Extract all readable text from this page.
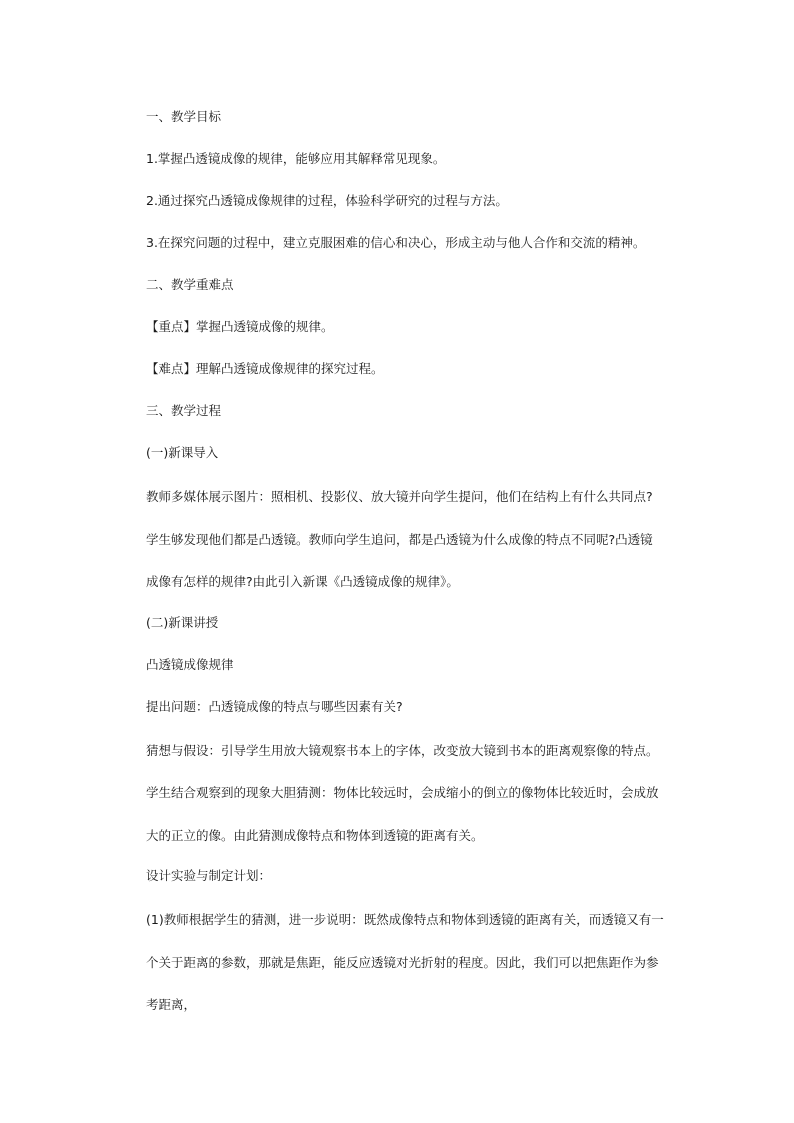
一、教学目标

1.掌握凸透镜成像的规律，能够应用其解释常见现象。

2.通过探究凸透镜成像规律的过程，体验科学研究的过程与方法。

3.在探究问题的过程中，建立克服困难的信心和决心，形成主动与他人合作和交流的精神。

二、教学重难点

【重点】掌握凸透镜成像的规律。

【难点】理解凸透镜成像规律的探究过程。

三、教学过程

(一)新课导入

教师多媒体展示图片：照相机、投影仪、放大镜并向学生提问，他们在结构上有什么共同点?学生够发现他们都是凸透镜。教师向学生追问，都是凸透镜为什么成像的特点不同呢?凸透镜成像有怎样的规律?由此引入新课《凸透镜成像的规律》。

(二)新课讲授

凸透镜成像规律

提出问题：凸透镜成像的特点与哪些因素有关?

猜想与假设：引导学生用放大镜观察书本上的字体，改变放大镜到书本的距离观察像的特点。学生结合观察到的现象大胆猜测：物体比较远时，会成缩小的倒立的像物体比较近时，会成放大的正立的像。由此猜测成像特点和物体到透镜的距离有关。

设计实验与制定计划：

(1)教师根据学生的猜测，进一步说明：既然成像特点和物体到透镜的距离有关，而透镜又有一个关于距离的参数，那就是焦距，能反应透镜对光折射的程度。因此，我们可以把焦距作为参考距离，
